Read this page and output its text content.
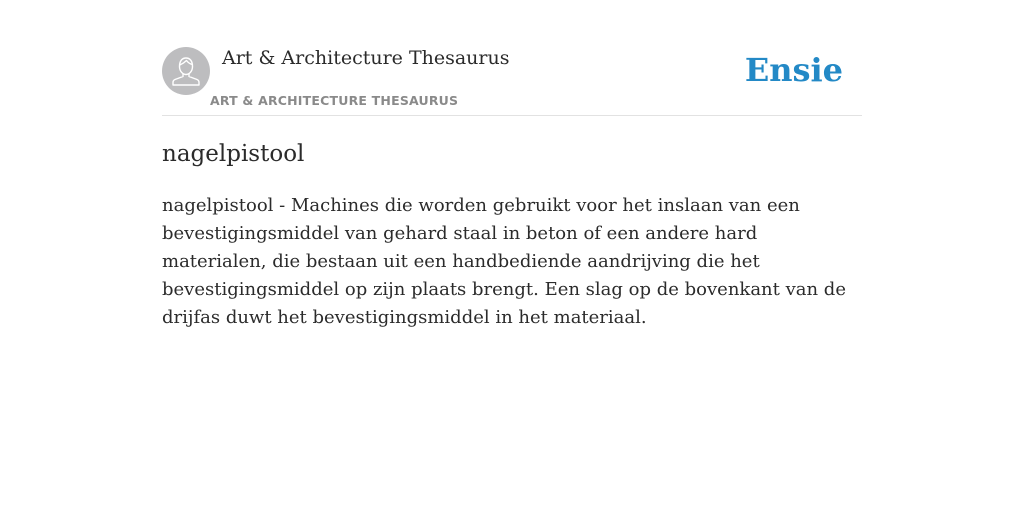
Art & Architecture Thesaurus
ART & ARCHITECTURE THESAURUS
Ensie
nagelpistool

nagelpistool - Machines die worden gebruikt voor het inslaan van een bevestigingsmiddel van gehard staal in beton of een andere hard materialen, die bestaan uit een handbediende aandrijving die het bevestigingsmiddel op zijn plaats brengt. Een slag op de bovenkant van de drijfas duwt het bevestigingsmiddel in het materiaal.
